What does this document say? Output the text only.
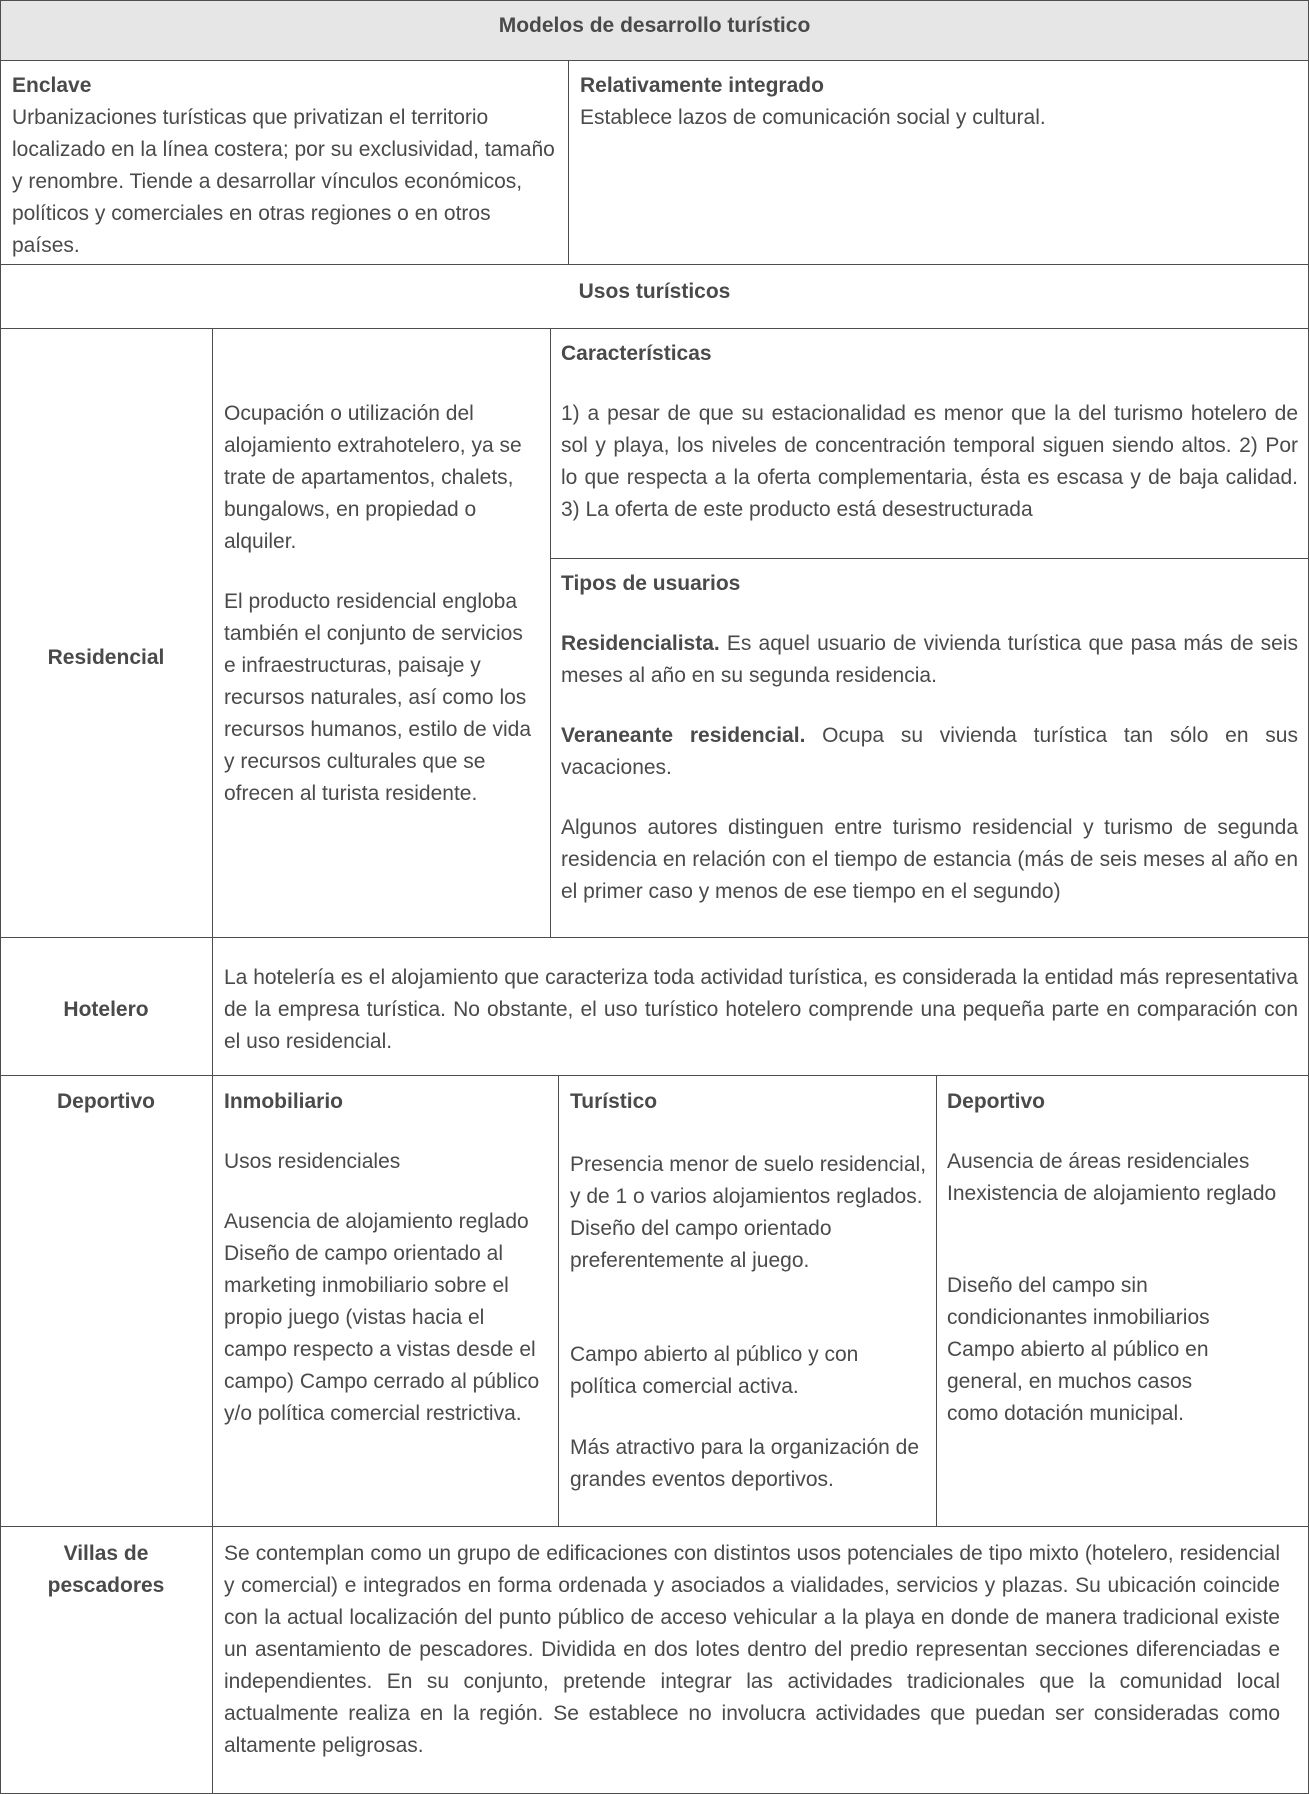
Modelos de desarrollo turístico
Enclave
Urbanizaciones turísticas que privatizan el territorio localizado en la línea costera; por su exclusividad, tamaño y renombre. Tiende a desarrollar vínculos económicos, políticos y comerciales en otras regiones o en otros países.
Relativamente integrado
Establece lazos de comunicación social y cultural.
Usos turísticos
Residencial
Ocupación o utilización del alojamiento extrahotelero, ya se trate de apartamentos, chalets, bungalows, en propiedad o alquiler.
El producto residencial engloba también el conjunto de servicios e infraestructuras, paisaje y recursos naturales, así como los recursos humanos, estilo de vida y recursos culturales que se ofrecen al turista residente.
Características
1) a pesar de que su estacionalidad es menor que la del turismo hotelero de sol y playa, los niveles de concentración temporal siguen siendo altos. 2) Por lo que respecta a la oferta complementaria, ésta es escasa y de baja calidad. 3) La oferta de este producto está desestructurada
Tipos de usuarios
Residencialista. Es aquel usuario de vivienda turística que pasa más de seis meses al año en su segunda residencia.
Veraneante residencial. Ocupa su vivienda turística tan sólo en sus vacaciones.
Algunos autores distinguen entre turismo residencial y turismo de segunda residencia en relación con el tiempo de estancia (más de seis meses al año en el primer caso y menos de ese tiempo en el segundo)
Hotelero
La hotelería es el alojamiento que caracteriza toda actividad turística, es considerada la entidad más representativa de la empresa turística. No obstante, el uso turístico hotelero comprende una pequeña parte en comparación con el uso residencial.
Deportivo	Inmobiliario
Usos residenciales
Ausencia de alojamiento reglado Diseño de campo orientado al marketing inmobiliario sobre el propio juego (vistas hacia el campo respecto a vistas desde el campo) Campo cerrado al público y/o política comercial restrictiva.
Turístico
Presencia menor de suelo residencial, y de 1 o varios alojamientos reglados. Diseño del campo orientado preferentemente al juego.
Campo abierto al público y con política comercial activa.
Más atractivo para la organización de grandes eventos deportivos.
Deportivo
Ausencia de áreas residenciales Inexistencia de alojamiento reglado
Diseño del campo sin condicionantes inmobiliarios Campo abierto al público en general, en muchos casos como dotación municipal.
Villas de pescadores
Se contemplan como un grupo de edificaciones con distintos usos potenciales de tipo mixto (hotelero, residencial y comercial) e integrados en forma ordenada y asociados a vialidades, servicios y plazas. Su ubicación coincide con la actual localización del punto público de acceso vehicular a la playa en donde de manera tradicional existe un asentamiento de pescadores. Dividida en dos lotes dentro del predio representan secciones diferenciadas e independientes. En su conjunto, pretende integrar las actividades tradicionales que la comunidad local actualmente realiza en la región. Se establece no involucra actividades que puedan ser consideradas como altamente peligrosas.
